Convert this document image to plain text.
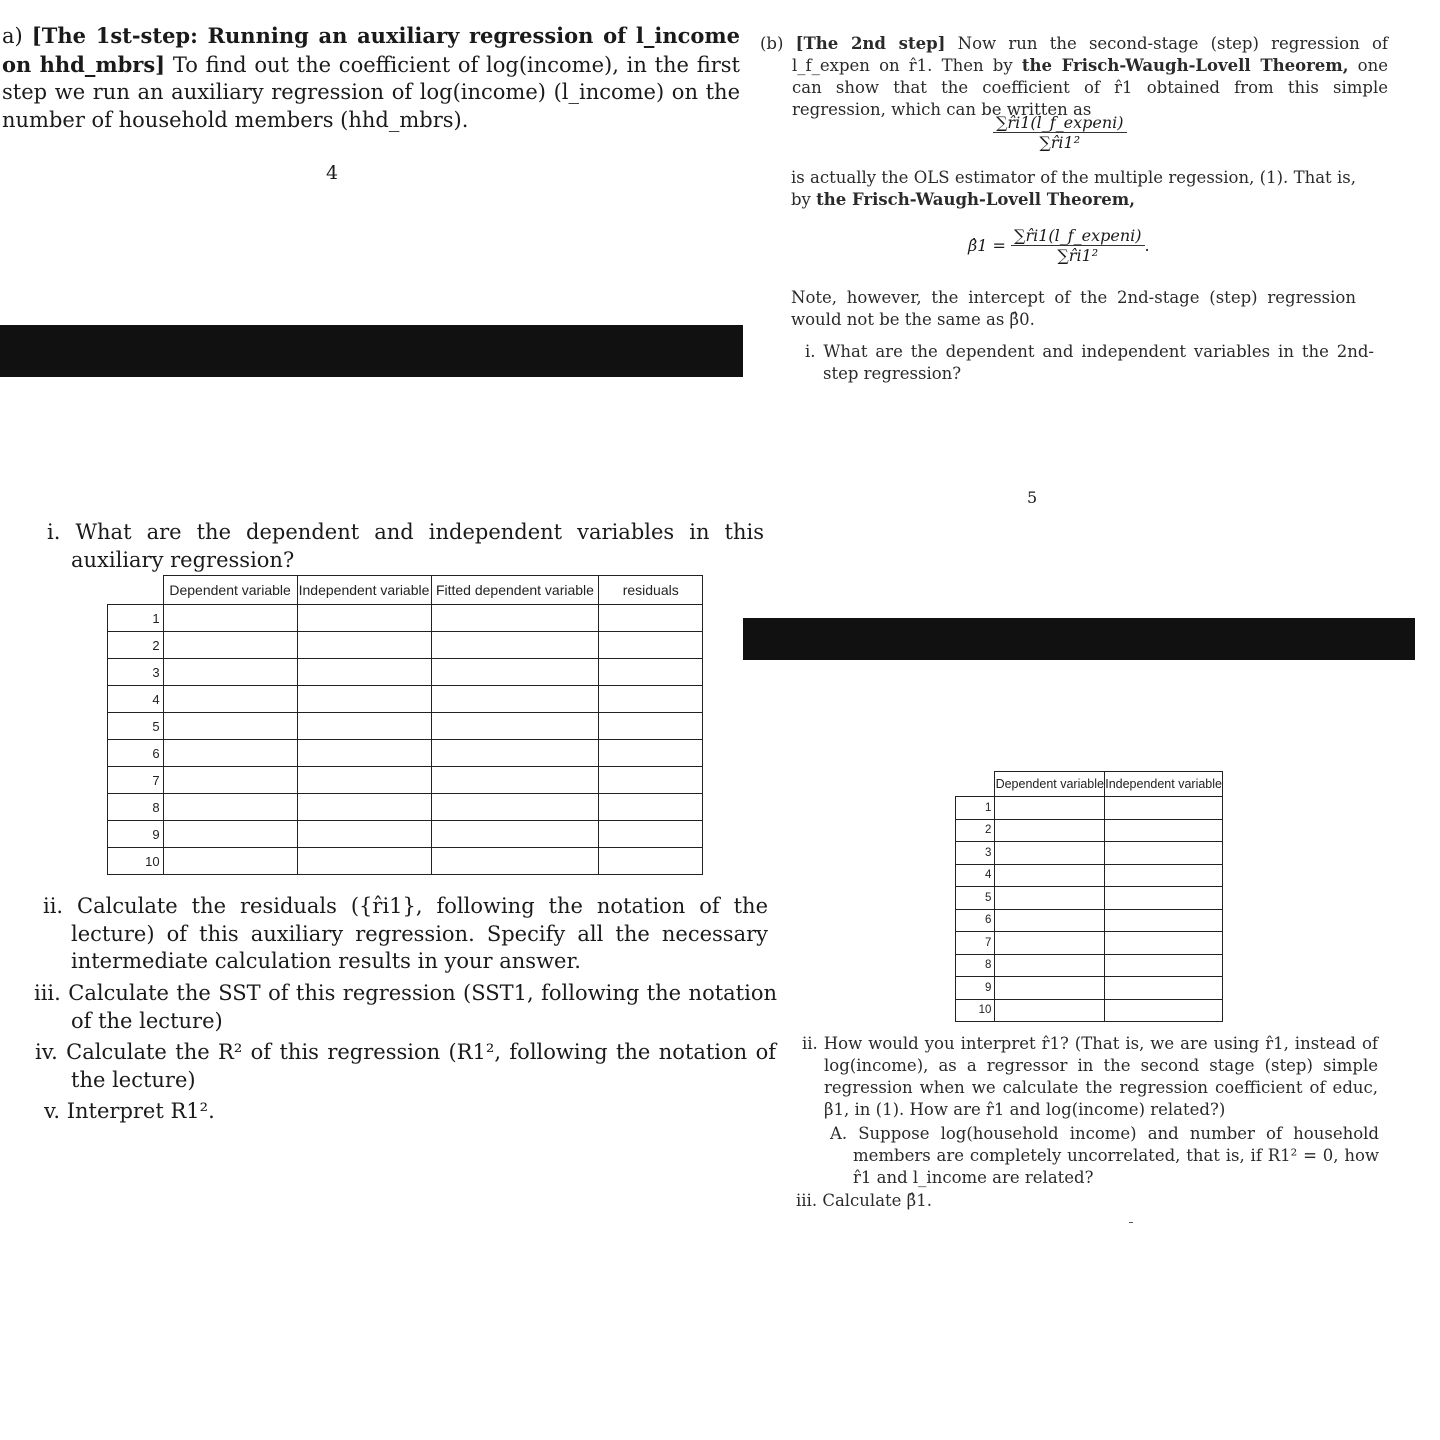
a) [The 1st-step: Running an auxiliary regression of l_income on hhd_mbrs] To find out the coefficient of log(income), in the first step we run an auxiliary regression of log(income) (l_income) on the number of household members (hhd_mbrs).
4
i. What are the dependent and independent variables in this auxiliary regression?
	Dependent variable	Independent variable	Fitted dependent variable	residuals
1				
2				
3				
4				
5				
6				
7				
8				
9				
10				
ii. Calculate the residuals ({r̂i1}, following the notation of the lecture) of this auxiliary regression. Specify all the necessary intermediate calculation results in your answer.
iii. Calculate the SST of this regression (SST1, following the notation of the lecture)
iv. Calculate the R² of this regression (R1², following the notation of the lecture)
v. Interpret R1².
(b) [The 2nd step] Now run the second-stage (step) regression of l_f_expen on r̂1. Then by the Frisch-Waugh-Lovell Theorem, one can show that the coefficient of r̂1 obtained from this simple regression, which can be written as
$\frac{\text{∑r̂i1(l\_f\_expeni)}}{\text{∑r̂i1²}}$
is actually the OLS estimator of the multiple regession, (1). That is, by the Frisch-Waugh-Lovell Theorem,
β̂1 = $\frac{\text{∑r̂i1(l\_f\_expeni)}}{\text{∑r̂i1²}}$ .
Note, however, the intercept of the 2nd-stage (step) regression would not be the same as β̂0.
i. What are the dependent and independent variables in the 2nd-step regression?
5
	Dependent variable	Independent variable
1		
2		
3		
4		
5		
6		
7		
8		
9		
10		
ii. How would you interpret r̂1? (That is, we are using r̂1, instead of log(income), as a regressor in the second stage (step) simple regression when we calculate the regression coefficient of educ, β1, in (1). How are r̂1 and log(income) related?)
A. Suppose log(household income) and number of household members are completely uncorrelated, that is, if R1² = 0, how r̂1 and l_income are related?
iii. Calculate β̂1.
